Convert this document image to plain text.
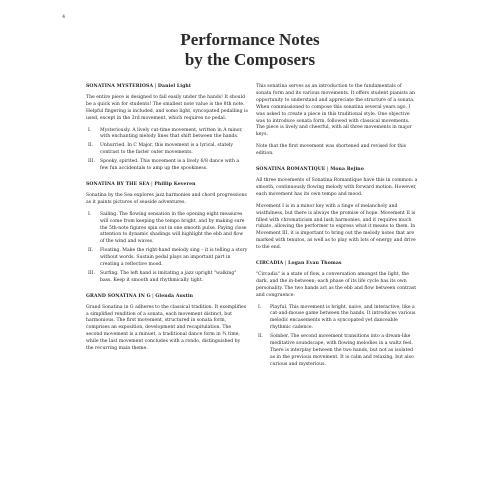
4
Performance Notes
by the Composers
SONATINA MYSTERIOSA | Daniel Light

The entire piece is designed to fall easily under the hands! It should be a quick win for students! The smallest note value is the 8th note. Helpful fingering is included, and some light, syncopated pedalling is used, except in the 3rd movement, which requires no pedal.

I.	Mysteriously. A lively cut-time movement, written in A minor, with enchanting melody lines that shift between the hands.
II.	Unhurried. In C Major, this movement is a lyrical, stately contrast to the faster outer movements.
III.	Spooky, spirited. This movement is a lively 6/8 dance with a few fun accidentals to amp up the spookiness.
SONATINA BY THE SEA | Phillip Keveren

Sonatina by the Sea explores jazz harmonies and chord progressions as it paints pictures of seaside adventures.

I.	Sailing. The flowing sensation in the opening eight measures will come from keeping the tempo bright, and by making sure the 5th-note figures spin out in one smooth pulse. Paying close attention to dynamic shadings will highlight the ebb and flow of the wind and waves.
II.	Floating. Make the right-hand melody sing – it is telling a story without words. Sustain pedal plays an important part in creating a reflective mood.
III.	Surfing. The left hand is imitating a jazz upright "walking" bass. Keep it smooth and rhythmically tight.
GRAND SONATINA IN G | Glenda Austin

Grand Sonatina in G adheres to the classical tradition. It exemplifies a simplified rendition of a sonata, each movement distinct, but harmonious. The first movement, structured in sonata form, comprises an exposition, development and recapitulation. The second movement is a minuet, a traditional dance form in ¾ time, while the last movement concludes with a rondo, distinguished by the recurring main theme.

This sonatina serves as an introduction to the fundamentals of sonata form and its various movements. It offers student pianists an opportunity to understand and appreciate the structure of a sonata. When commissioned to compose this sonatina several years ago, I was asked to create a piece in this traditional style. One objective was to introduce sonata form, followed with classical movements. The piece is lively and cheerful, with all three movements in major keys.

Note that the first movement was shortened and revised for this edition.

SONATINA ROMANTIQUE | Mona Rejino

All three movements of Sonatina Romantique have this in common: a smooth, continuously flowing melody with forward motion. However, each movement has its own tempo and mood.

Movement I is in a minor key with a tinge of melancholy and wistfulness, but there is always the promise of hope. Movement II is filled with chromaticism and lush harmonies, and it requires much rubato, allowing the performer to express what it means to them. In Movement III, it is important to bring out the melody notes that are marked with tenutos, as well as to play with lots of energy and drive to the end.

CIRCADIA | Logan Evan Thomas

"Circadia" is a state of flow, a conversation amongst the light, the dark, and the in-between; each phase of its life cycle has its own personality. The two hands act as the ebb and flow between contrast and congruence.

I.	Playful. This movement is bright, naive, and interactive, like a cat-and-mouse game between the hands. It introduces various melodic encasements with a syncopated yet danceable rhythmic cadence.
II.	Somber. The second movement transitions into a dream-like meditative soundscape, with flowing melodies in a waltz feel. There is interplay between the two hands, but not as isolated as in the previous movement. It is calm and relaxing, but also curious and mysterious.
